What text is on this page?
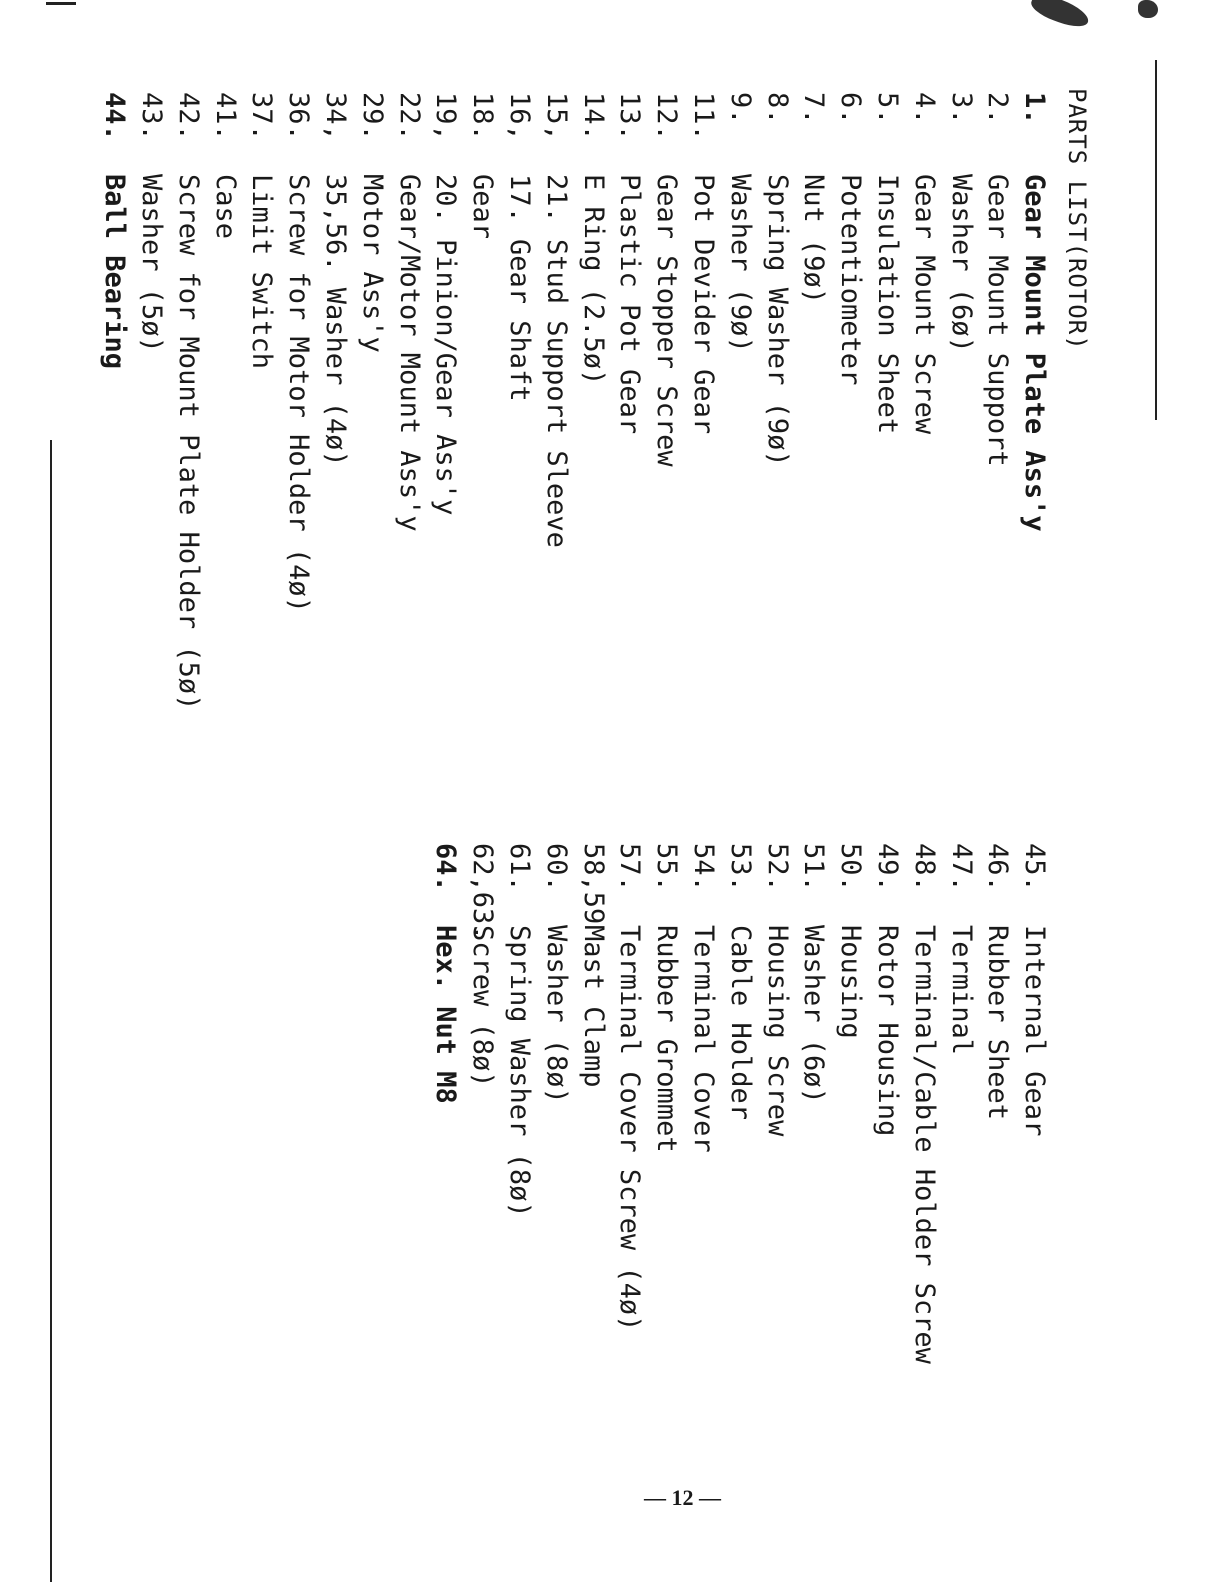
PARTS LIST(ROTOR)
1.
Gear Mount Plate Ass'y
2.
Gear Mount Support
3.
Washer (6ø)
4.
Gear Mount Screw
5.
Insulation Sheet
6.
Potentiometer
7.
Nut (9ø)
8.
Spring Washer (9ø)
9.
Washer (9ø)
11.
Pot Devider Gear
12.
Gear Stopper Screw
13.
Plastic Pot Gear
14.
E Ring (2.5ø)
15,
21. Stud Support Sleeve
16,
17. Gear Shaft
18.
Gear
19,
20. Pinion/Gear Ass'y
22.
Gear/Motor Mount Ass'y
29.
Motor Ass'y
34,
35,56. Washer (4ø)
36.
Screw for Motor Holder (4ø)
37.
Limit Switch
41.
Case
42.
Screw for Mount Plate Holder (5ø)
43.
Washer (5ø)
44.
Ball Bearing
45.
Internal Gear
46.
Rubber Sheet
47.
Terminal
48.
Terminal/Cable Holder Screw
49.
Rotor Housing
50.
Housing
51.
Washer (6ø)
52.
Housing Screw
53.
Cable Holder
54.
Terminal Cover
55.
Rubber Grommet
57.
Terminal Cover Screw (4ø)
58,59
Mast Clamp
60.
Washer (8ø)
61.
Spring Washer (8ø)
62,63.
Screw (8ø)
64.
Hex. Nut M8
— 12 —
